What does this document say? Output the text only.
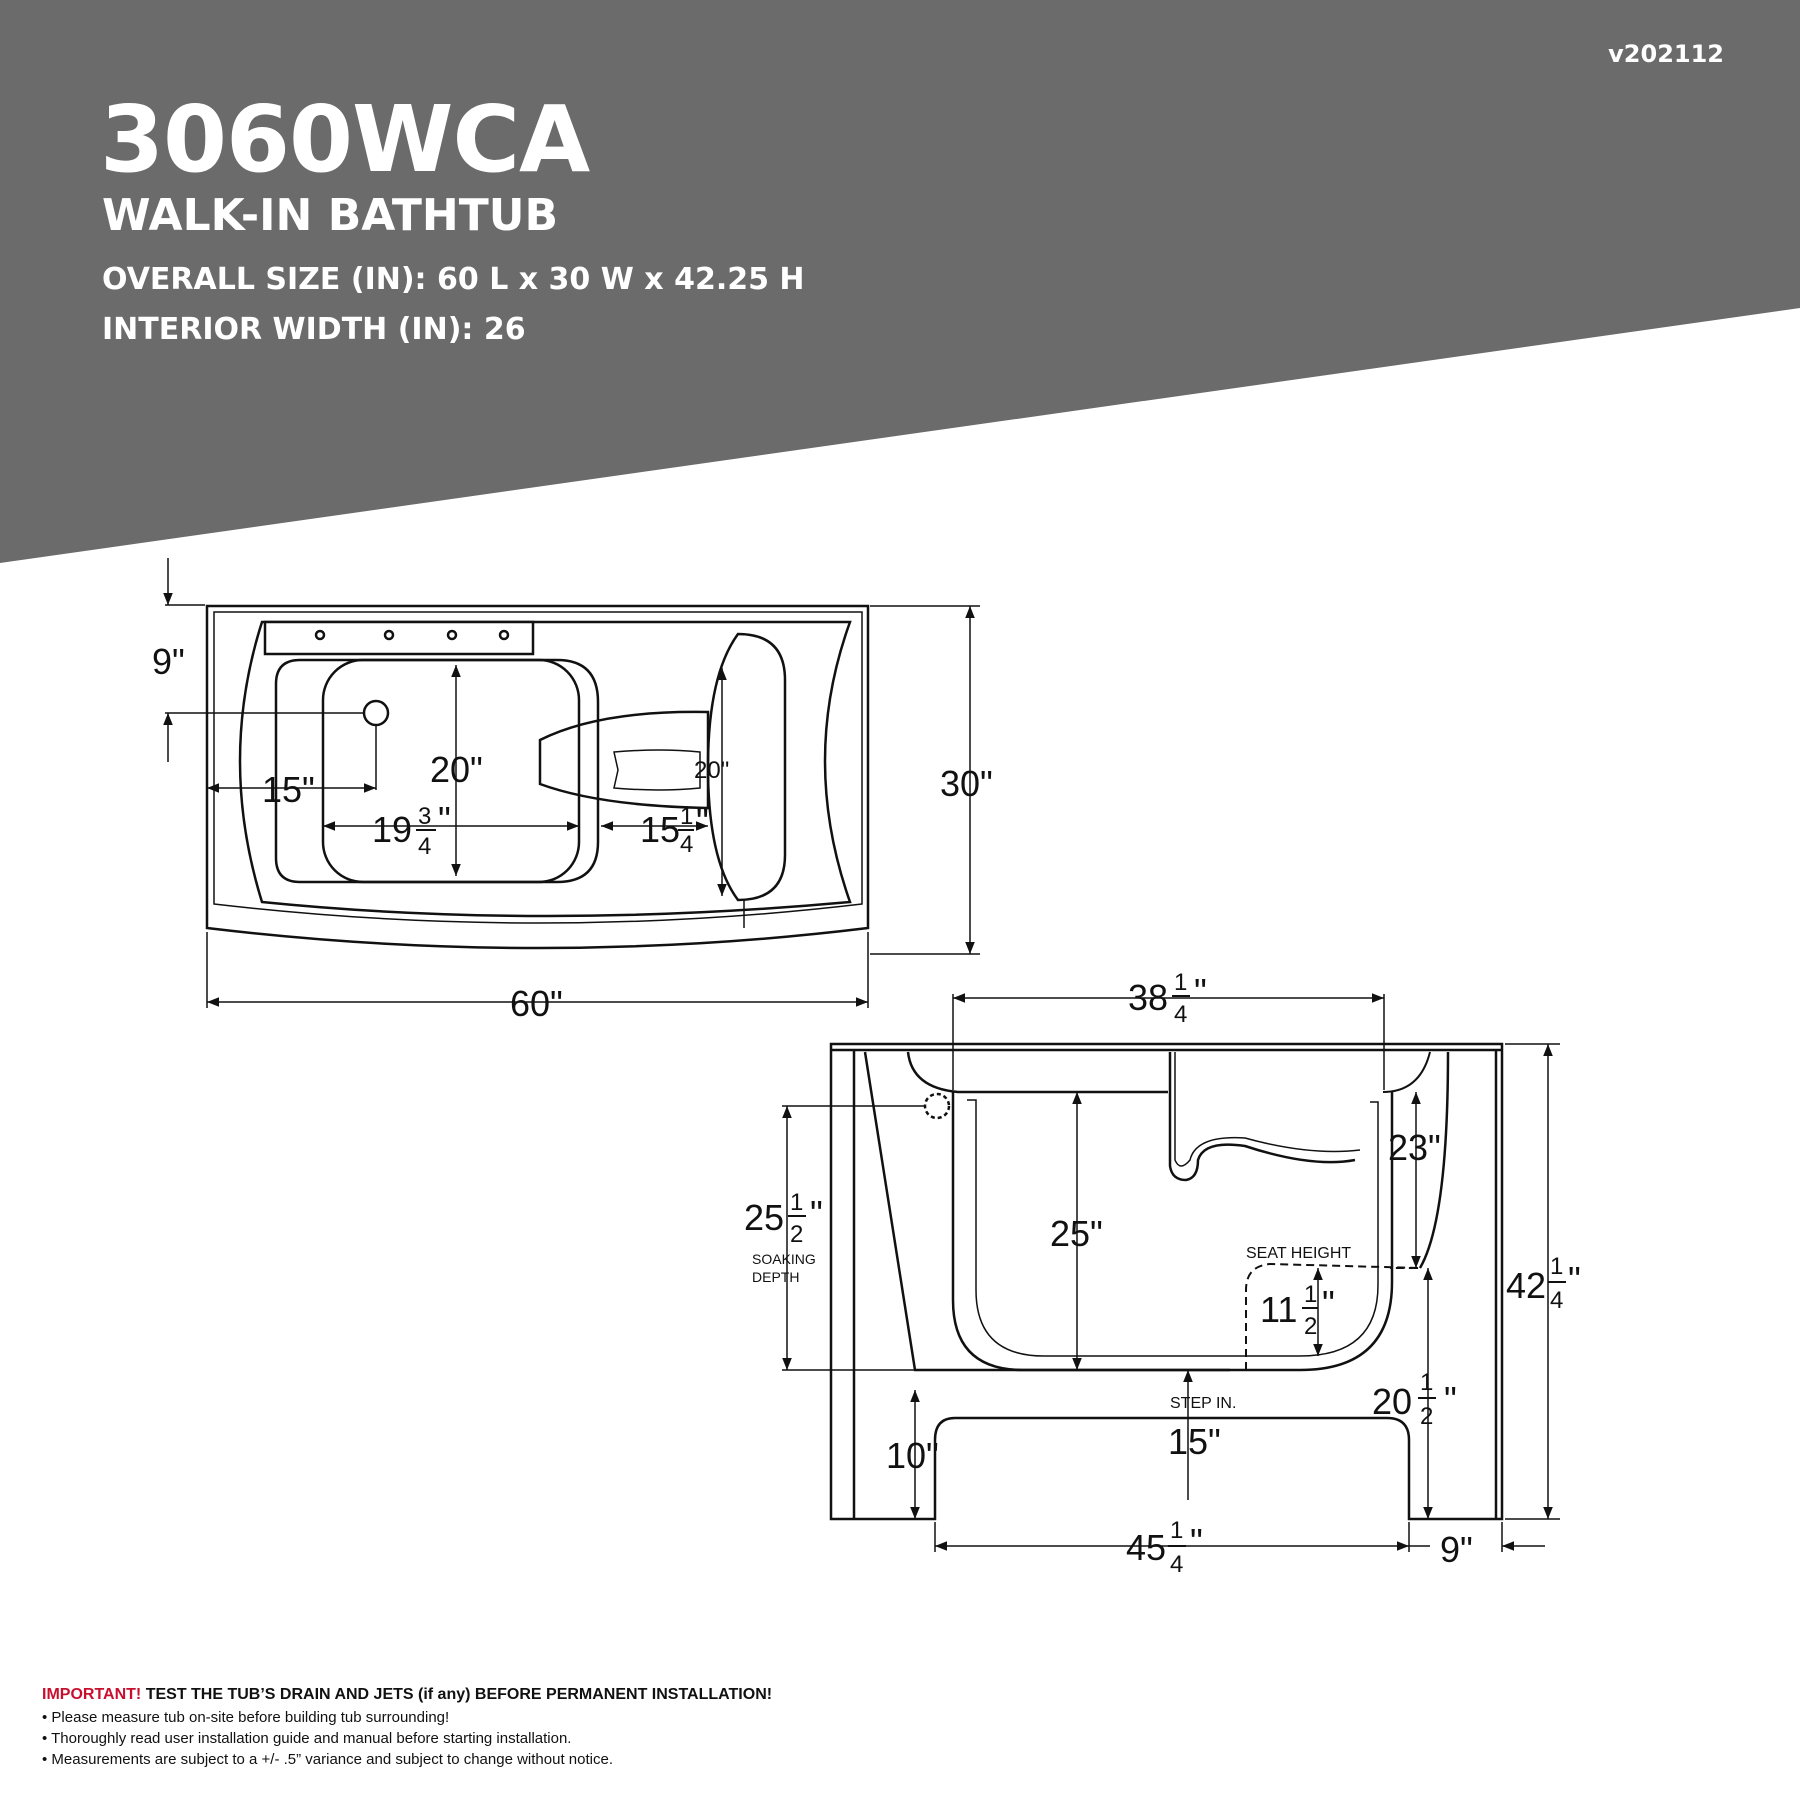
v202112
3060WCA
WALK-IN BATHTUB
OVERALL SIZE (IN): 60 L x 30 W x 42.25 H
INTERIOR WIDTH (IN): 26
9"
15"	20"
19 3
4
"
20"
15 1
4
"
30"
60"	38 1
4
"
25 1
2
"
SOAKING
DEPTH
25"
23"
SEAT HEIGHT
11 1
2
"
STEP IN.
15"
20 1
2 "
42 1
4
"
10"
45 1
4
"	9"
IMPORTANT! TEST THE TUB’S DRAIN AND JETS (if any) BEFORE PERMANENT INSTALLATION!
• Please measure tub on-site before building tub surrounding!
• Thoroughly read user installation guide and manual before starting installation.
• Measurements are subject to a +/- .5” variance and subject to change without notice.
